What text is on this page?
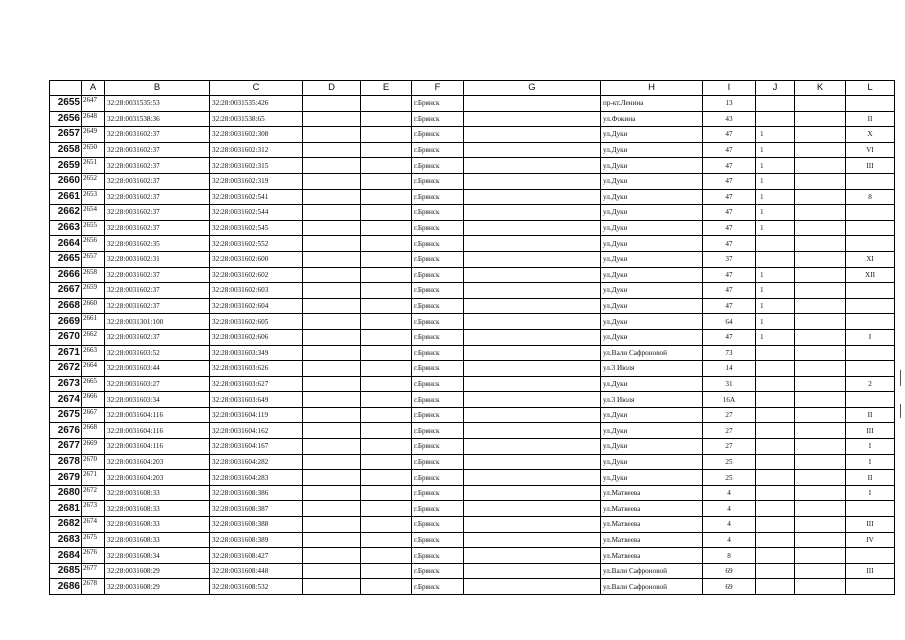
	A	B	C	D	E	F	G	H	I	J	K	L
2655	2647	32:28:0031535:53	32:28:0031535:426			г.Брянск		пр-кт.Ленина	13			
2656	2648	32:28:0031538:36	32:28:0031538:65			г.Брянск		ул.Фокина	43			II
2657	2649	32:28:0031602:37	32:28:0031602:308			г.Брянск		ул.Дуки	47	1		X
2658	2650	32:28:0031602:37	32:28:0031602:312			г.Брянск		ул.Дуки	47	1		VI
2659	2651	32:28:0031602:37	32:28:0031602:315			г.Брянск		ул.Дуки	47	1		III
2660	2652	32:28:0031602:37	32:28:0031602:319			г.Брянск		ул.Дуки	47	1		
2661	2653	32:28:0031602:37	32:28:0031602:541			г.Брянск		ул.Дуки	47	1		8
2662	2654	32:28:0031602:37	32:28:0031602:544			г.Брянск		ул.Дуки	47	1		
2663	2655	32:28:0031602:37	32:28:0031602:545			г.Брянск		ул.Дуки	47	1		
2664	2656	32:28:0031602:35	32:28:0031602:552			г.Брянск		ул.Дуки	47			
2665	2657	32:28:0031602:31	32:28:0031602:600			г.Брянск		ул.Дуки	37			XI
2666	2658	32:28:0031602:37	32:28:0031602:602			г.Брянск		ул.Дуки	47	1		XII
2667	2659	32:28:0031602:37	32:28:0031602:603			г.Брянск		ул.Дуки	47	1		
2668	2660	32:28:0031602:37	32:28:0031602:604			г.Брянск		ул.Дуки	47	1		
2669	2661	32:28:0031301:100	32:28:0031602:605			г.Брянск		ул.Дуки	64	1		
2670	2662	32:28:0031602:37	32:28:0031602:606			г.Брянск		ул.Дуки	47	1		I
2671	2663	32:28:0031603:52	32:28:0031603:349			г.Брянск		ул.Вали Сафроновой	73			
2672	2664	32:28:0031603:44	32:28:0031603:626			г.Брянск		ул.3 Июля	14			
2673	2665	32:28:0031603:27	32:28:0031603:627			г.Брянск		ул.Дуки	31			2
2674	2666	32:28:0031603:34	32:28:0031603:649			г.Брянск		ул.3 Июля	16А			
2675	2667	32:28:0031604:116	32:28:0031604:119			г.Брянск		ул.Дуки	27			II
2676	2668	32:28:0031604:116	32:28:0031604:162			г.Брянск		ул.Дуки	27			III
2677	2669	32:28:0031604:116	32:28:0031604:167			г.Брянск		ул.Дуки	27			I
2678	2670	32:28:0031604:203	32:28:0031604:282			г.Брянск		ул.Дуки	25			I
2679	2671	32:28:0031604:203	32:28:0031604:283			г.Брянск		ул.Дуки	25			II
2680	2672	32:28:0031608:33	32:28:0031608:386			г.Брянск		ул.Матвеева	4			I
2681	2673	32:28:0031608:33	32:28:0031608:387			г.Брянск		ул.Матвеева	4			
2682	2674	32:28:0031608:33	32:28:0031608:388			г.Брянск		ул.Матвеева	4			III
2683	2675	32:28:0031608:33	32:28:0031608:389			г.Брянск		ул.Матвеева	4			IV
2684	2676	32:28:0031608:34	32:28:0031608:427			г.Брянск		ул.Матвеева	8			
2685	2677	32:28:0031608:29	32:28:0031608:448			г.Брянск		ул.Вали Сафроновой	69			III
2686	2678	32:28:0031608:29	32:28:0031608:532			г.Брянск		ул.Вали Сафроновой	69			
